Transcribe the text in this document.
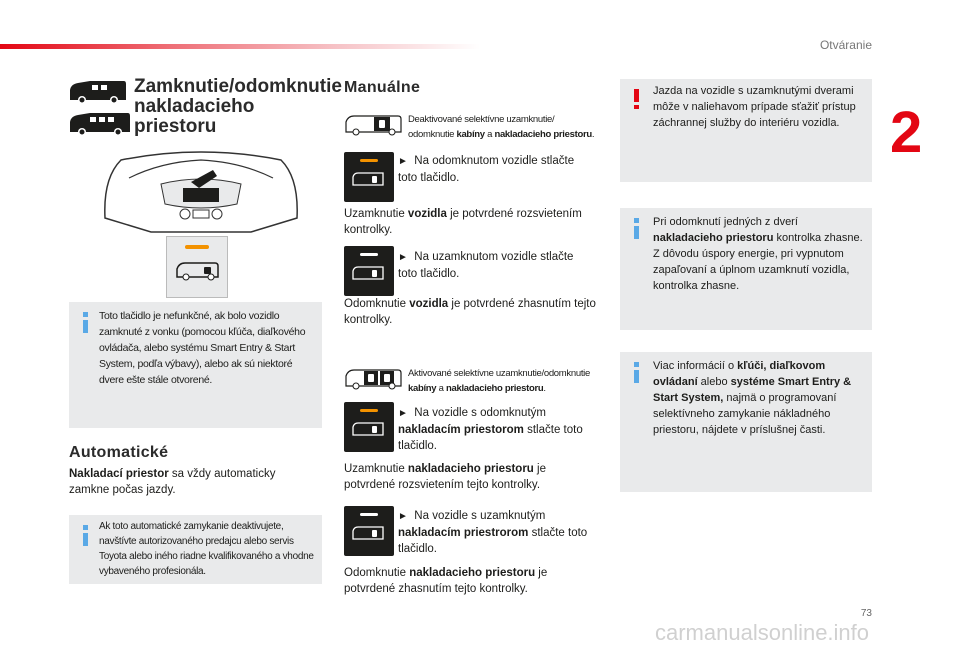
Otváranie
2
73
carmanualsonline.info
Zamknutie/odomknutie nakladacieho priestoru
Toto tlačidlo je nefunkčné, ak bolo vozidlo zamknuté z vonku (pomocou kľúča, diaľkového ovládača, alebo systému Smart Entry & Start System, podľa výbavy), alebo ak sú niektoré dvere ešte stále otvorené.
Automatické
Nakladací priestor sa vždy automaticky zamkne počas jazdy.
Ak toto automatické zamykanie deaktivujete, navštívte autorizovaného predajcu alebo servis Toyota alebo iného riadne kvalifikovaného a vhodne vybaveného profesionála.
Manuálne
Deaktivované selektívne uzamknutie/
odomknutie kabíny a nakladacieho priestoru.
► Na odomknutom vozidle stlačte toto tlačidlo.
Uzamknutie vozidla je potvrdené rozsvietením kontrolky.
► Na uzamknutom vozidle stlačte toto tlačidlo.
Odomknutie vozidla je potvrdené zhasnutím tejto kontrolky.
Aktivované selektívne uzamknutie/odomknutie
kabíny a nakladacieho priestoru.
► Na vozidle s odomknutým nakladacím priestorom stlačte toto tlačidlo.
Uzamknutie nakladacieho priestoru je potvrdené rozsvietením tejto kontrolky.
► Na vozidle s uzamknutým nakladacím priestrorom stlačte toto tlačidlo.
Odomknutie nakladacieho priestoru je potvrdené zhasnutím tejto kontrolky.
Jazda na vozidle s uzamknutými dverami môže v naliehavom prípade sťažiť prístup záchrannej služby do interiéru vozidla.
Pri odomknutí jedných z dverí nakladacieho priestoru kontrolka zhasne.
Z dôvodu úspory energie, pri vypnutom zapaľovaní a úplnom uzamknutí vozidla, kontrolka zhasne.
Viac informácií o kľúči, diaľkovom ovládaní alebo systéme Smart Entry & Start System, najmä o programovaní selektívneho zamykanie nákladného priestoru, nájdete v príslušnej časti.
